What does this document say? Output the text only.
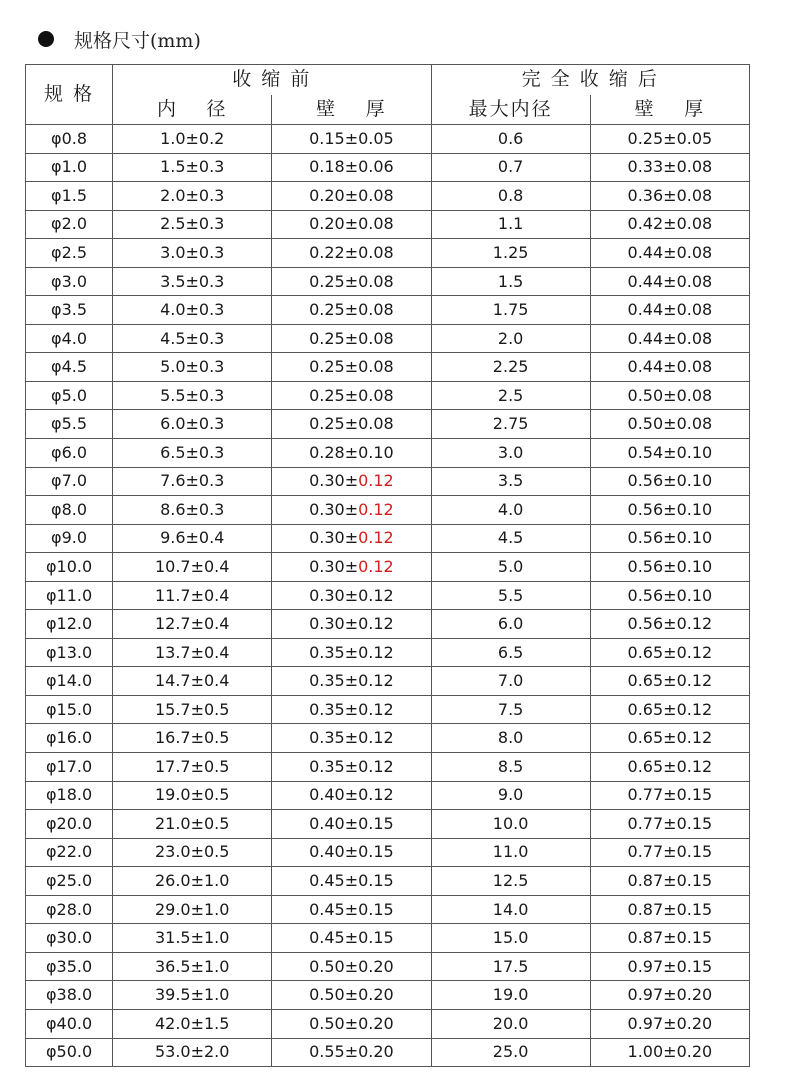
规格尺寸(mm)
规 格	收 缩 前		完 全 收 缩 后	
	内 径	壁 厚	最大内径	壁 厚
φ0.8	1.0±0.2	0.15±0.05	0.6	0.25±0.05
φ1.0	1.5±0.3	0.18±0.06	0.7	0.33±0.08
φ1.5	2.0±0.3	0.20±0.08	0.8	0.36±0.08
φ2.0	2.5±0.3	0.20±0.08	1.1	0.42±0.08
φ2.5	3.0±0.3	0.22±0.08	1.25	0.44±0.08
φ3.0	3.5±0.3	0.25±0.08	1.5	0.44±0.08
φ3.5	4.0±0.3	0.25±0.08	1.75	0.44±0.08
φ4.0	4.5±0.3	0.25±0.08	2.0	0.44±0.08
φ4.5	5.0±0.3	0.25±0.08	2.25	0.44±0.08
φ5.0	5.5±0.3	0.25±0.08	2.5	0.50±0.08
φ5.5	6.0±0.3	0.25±0.08	2.75	0.50±0.08
φ6.0	6.5±0.3	0.28±0.10	3.0	0.54±0.10
φ7.0	7.6±0.3	0.30±0.12	3.5	0.56±0.10
φ8.0	8.6±0.3	0.30±0.12	4.0	0.56±0.10
φ9.0	9.6±0.4	0.30±0.12	4.5	0.56±0.10
φ10.0	10.7±0.4	0.30±0.12	5.0	0.56±0.10
φ11.0	11.7±0.4	0.30±0.12	5.5	0.56±0.10
φ12.0	12.7±0.4	0.30±0.12	6.0	0.56±0.12
φ13.0	13.7±0.4	0.35±0.12	6.5	0.65±0.12
φ14.0	14.7±0.4	0.35±0.12	7.0	0.65±0.12
φ15.0	15.7±0.5	0.35±0.12	7.5	0.65±0.12
φ16.0	16.7±0.5	0.35±0.12	8.0	0.65±0.12
φ17.0	17.7±0.5	0.35±0.12	8.5	0.65±0.12
φ18.0	19.0±0.5	0.40±0.12	9.0	0.77±0.15
φ20.0	21.0±0.5	0.40±0.15	10.0	0.77±0.15
φ22.0	23.0±0.5	0.40±0.15	11.0	0.77±0.15
φ25.0	26.0±1.0	0.45±0.15	12.5	0.87±0.15
φ28.0	29.0±1.0	0.45±0.15	14.0	0.87±0.15
φ30.0	31.5±1.0	0.45±0.15	15.0	0.87±0.15
φ35.0	36.5±1.0	0.50±0.20	17.5	0.97±0.15
φ38.0	39.5±1.0	0.50±0.20	19.0	0.97±0.20
φ40.0	42.0±1.5	0.50±0.20	20.0	0.97±0.20
φ50.0	53.0±2.0	0.55±0.20	25.0	1.00±0.20
